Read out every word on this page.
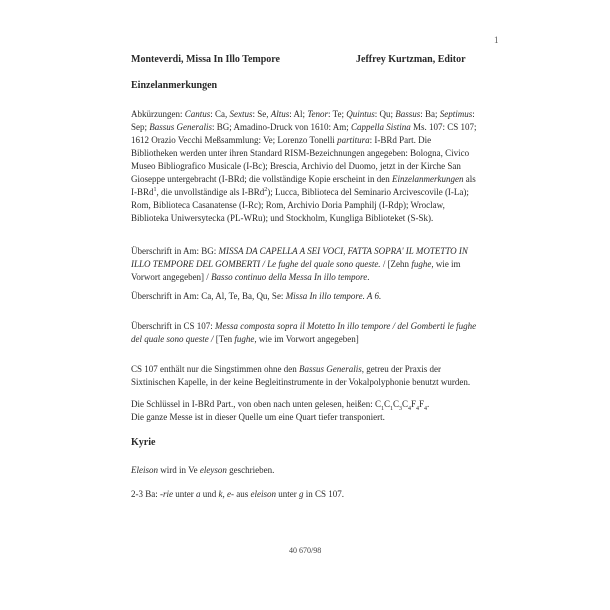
1
Monteverdi, Missa In Illo Tempore	Jeffrey Kurtzman, Editor
Einzelanmerkungen
Abkürzungen: Cantus: Ca, Sextus: Se, Altus: Al; Tenor: Te; Quintus: Qu; Bassus: Ba; Septimus: Sep; Bassus Generalis: BG; Amadino-Druck von 1610: Am; Cappella Sistina Ms. 107: CS 107; 1612 Orazio Vecchi Meßsammlung: Ve; Lorenzo Tonelli partitura: I-BRd Part. Die Bibliotheken werden unter ihren Standard RISM-Bezeichnungen angegeben: Bologna, Civico Museo Bibliografico Musicale (I-Bc); Brescia, Archivio del Duomo, jetzt in der Kirche San Gioseppe untergebracht (I-BRd; die vollständige Kopie erscheint in den Einzelanmerkungen als I-BRd$^1$, die unvollständige als I-BRd$^2$); Lucca, Biblioteca del Seminario Arcivescovile (I-La); Rom, Biblioteca Casanatense (I-Rc); Rom, Archivio Doria Pamphilj (I-Rdp); Wroclaw, Biblioteka Uniwersytecka (PL-WRu); und Stockholm, Kungliga Biblioteket (S-Sk).
Überschrift in Am: BG: MISSA DA CAPELLA A SEI VOCI, FATTA SOPRA' IL MOTETTO IN ILLO TEMPORE DEL GOMBERTI / Le fughe del quale sono queste. / [Zehn fughe, wie im Vorwort angegeben] / Basso continuo della Messa In illo tempore.
Überschrift in Am: Ca, Al, Te, Ba, Qu, Se: Missa In illo tempore. A 6.
Überschrift in CS 107: Messa composta sopra il Motetto In illo tempore / del Gomberti le fughe del quale sono queste / [Ten fughe, wie im Vorwort angegeben]
CS 107 enthält nur die Singstimmen ohne den Bassus Generalis, getreu der Praxis der Sixtinischen Kapelle, in der keine Begleitinstrumente in der Vokalpolyphonie benutzt wurden.
Die Schlüssel in I-BRd Part., von oben nach unten gelesen, heißen: $C_1C_1C_3C_4F_4F_4$.
Die ganze Messe ist in dieser Quelle um eine Quart tiefer transponiert.
Kyrie
Eleison wird in Ve eleyson geschrieben.
2-3 Ba: -rie unter a und k, e- aus eleison unter g in CS 107.
40 670/98
